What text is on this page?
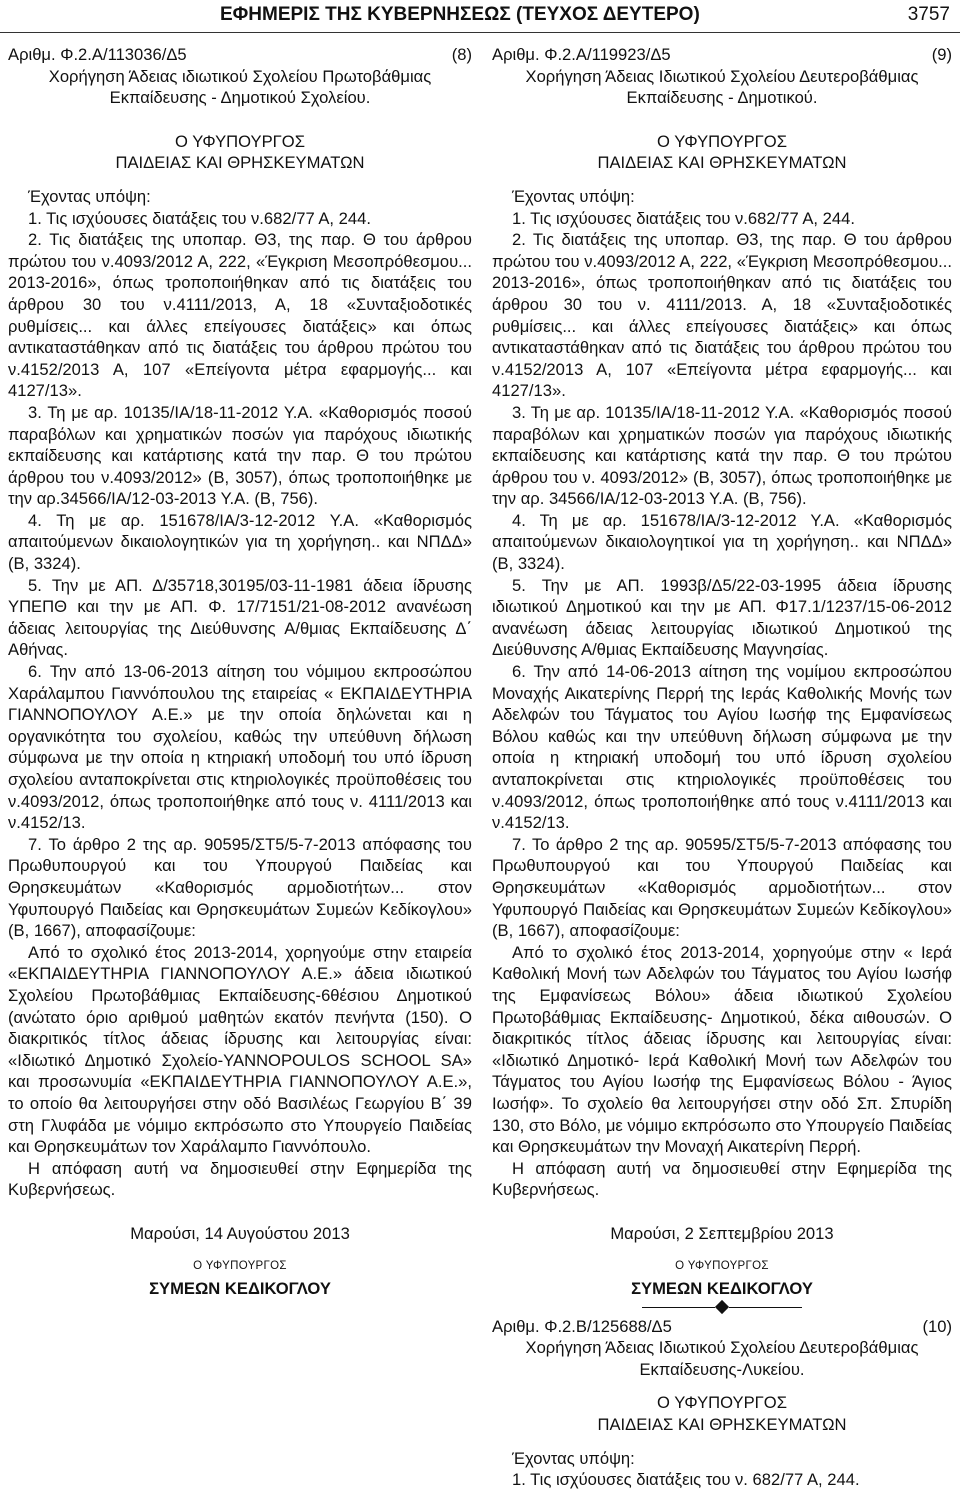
ΕΦΗΜΕΡΙΣ ΤΗΣ ΚΥΒΕΡΝΗΣΕΩΣ (ΤΕΥΧΟΣ ΔΕΥΤΕΡΟ)	3757
Αριθμ. Φ.2.Α/113036/Δ5	(8)
Χορήγηση Άδειας ιδιωτικού Σχολείου Πρωτοβάθμιας Εκπαίδευσης - Δημοτικού Σχολείου.
Ο ΥΦΥΠΟΥΡΓΟΣ
ΠΑΙΔΕΙΑΣ ΚΑΙ ΘΡΗΣΚΕΥΜΑΤΩΝ
Έχοντας υπόψη:
1. Τις ισχύουσες διατάξεις του ν.682/77 Α, 244.
2. Τις διατάξεις της υποπαρ. Θ3, της παρ. Θ του άρθρου πρώτου του ν.4093/2012 Α, 222, «Έγκριση Μεσοπρόθεσμου... 2013-2016», όπως τροποποιήθηκαν από τις διατάξεις του άρθρου 30 του ν.4111/2013, Α, 18 «Συνταξιοδοτικές ρυθμίσεις... και άλλες επείγουσες διατάξεις» και όπως αντικαταστάθηκαν από τις διατάξεις του άρθρου πρώτου του ν.4152/2013 Α, 107 «Επείγοντα μέτρα εφαρμογής... και 4127/13».
3. Τη με αρ. 10135/ΙΑ/18-11-2012 Υ.Α. «Καθορισμός ποσού παραβόλων και χρηματικών ποσών για παρόχους ιδιωτικής εκπαίδευσης και κατάρτισης κατά την παρ. Θ του πρώτου άρθρου του ν.4093/2012» (Β, 3057), όπως τροποποιήθηκε με την αρ.34566/ΙΑ/12-03-2013 Υ.Α. (Β, 756).
4. Τη με αρ. 151678/ΙΑ/3-12-2012 Υ.Α. «Καθορισμός απαιτούμενων δικαιολογητικών για τη χορήγηση.. και ΝΠΔΔ» (Β, 3324).
5. Την με ΑΠ. Δ/35718,30195/03-11-1981 άδεια ίδρυσης ΥΠΕΠΘ και την με ΑΠ. Φ. 17/7151/21-08-2012 ανανέωση άδειας λειτουργίας της Διεύθυνσης Α/θμιας Εκπαίδευσης Δ΄ Αθήνας.
6. Την από 13-06-2013 αίτηση του νόμιμου εκπροσώπου Χαράλαμπου Γιαννόπουλου της εταιρείας « ΕΚΠΑΙΔΕΥΤΗΡΙΑ ΓΙΑΝΝΟΠΟΥΛΟΥ Α.Ε.» με την οποία δηλώνεται και η οργανικότητα του σχολείου, καθώς την υπεύθυνη δήλωση σύμφωνα με την οποία η κτηριακή υποδομή του υπό ίδρυση σχολείου ανταποκρίνεται στις κτηριολογικές προϋποθέσεις του ν.4093/2012, όπως τροποποιήθηκε από τους ν. 4111/2013 και ν.4152/13.
7. Το άρθρο 2 της αρ. 90595/ΣΤ5/5-7-2013 απόφασης του Πρωθυπουργού και του Υπουργού Παιδείας και Θρησκευμάτων «Καθορισμός αρμοδιοτήτων... στον Υφυπουργό Παιδείας και Θρησκευμάτων Συμεών Κεδίκογλου» (Β, 1667), αποφασίζουμε:
Από το σχολικό έτος 2013-2014, χορηγούμε στην εταιρεία «ΕΚΠΑΙΔΕΥΤΗΡΙΑ ΓΙΑΝΝΟΠΟΥΛΟΥ Α.Ε.» άδεια ιδιωτικού Σχολείου Πρωτοβάθμιας Εκπαίδευσης-6θέσιου Δημοτικού (ανώτατο όριο αριθμού μαθητών εκατόν πενήντα (150). Ο διακριτικός τίτλος άδειας ίδρυσης και λειτουργίας είναι: «Ιδιωτικό Δημοτικό Σχολείο-YANNOPOULOS SCHOOL SA» και προσωνυμία «ΕΚΠΑΙΔΕΥΤΗΡΙΑ ΓΙΑΝΝΟΠΟΥΛΟΥ Α.Ε.», το οποίο θα λειτουργήσει στην οδό Βασιλέως Γεωργίου Β΄ 39 στη Γλυφάδα με νόμιμο εκπρόσωπο στο Υπουργείο Παιδείας και Θρησκευμάτων τον Χαράλαμπο Γιαννόπουλο.
Η απόφαση αυτή να δημοσιευθεί στην Εφημερίδα της Κυβερνήσεως.
Μαρούσι, 14 Αυγούστου 2013
Ο ΥΦΥΠΟΥΡΓΟΣ
ΣΥΜΕΩΝ ΚΕΔΙΚΟΓΛΟΥ
Αριθμ. Φ.2.Α/119923/Δ5	(9)
Χορήγηση Άδειας Ιδιωτικού Σχολείου Δευτεροβάθμιας Εκπαίδευσης - Δημοτικού.
Ο ΥΦΥΠΟΥΡΓΟΣ
ΠΑΙΔΕΙΑΣ ΚΑΙ ΘΡΗΣΚΕΥΜΑΤΩΝ
Έχοντας υπόψη:
1. Τις ισχύουσες διατάξεις του ν.682/77 Α, 244.
2. Τις διατάξεις της υποπαρ. Θ3, της παρ. Θ του άρθρου πρώτου του ν.4093/2012 Α, 222, «Έγκριση Μεσοπρόθεσμου... 2013-2016», όπως τροποποιήθηκαν από τις διατάξεις του άρθρου 30 του ν. 4111/2013. Α, 18 «Συνταξιοδοτικές ρυθμίσεις... και άλλες επείγουσες διατάξεις» και όπως αντικαταστάθηκαν από τις διατάξεις του άρθρου πρώτου του ν.4152/2013 Α, 107 «Επείγοντα μέτρα εφαρμογής... και 4127/13».
3. Τη με αρ. 10135/ΙΑ/18-11-2012 Υ.Α. «Καθορισμός ποσού παραβόλων και χρηματικών ποσών για παρόχους ιδιωτικής εκπαίδευσης και κατάρτισης κατά την παρ. Θ του πρώτου άρθρου του ν. 4093/2012» (Β, 3057), όπως τροποποιήθηκε με την αρ. 34566/ΙΑ/12-03-2013 Υ.Α. (Β, 756).
4. Τη με αρ. 151678/ΙΑ/3-12-2012 Υ.Α. «Καθορισμός απαιτούμενων δικαιολογητικοί για τη χορήγηση.. και ΝΠΔΔ» (Β, 3324).
5. Την με ΑΠ. 1993β/Δ5/22-03-1995 άδεια ίδρυσης ιδιωτικού Δημοτικού και την με ΑΠ. Φ17.1/1237/15-06-2012 ανανέωση άδειας λειτουργίας ιδιωτικού Δημοτικού της Διεύθυνσης Α/θμιας Εκπαίδευσης Μαγνησίας.
6. Την από 14-06-2013 αίτηση της νομίμου εκπροσώπου Μοναχής Αικατερίνης Περρή της Ιεράς Καθολικής Μονής των Αδελφών του Τάγματος του Αγίου Ιωσήφ της Εμφανίσεως Βόλου καθώς και την υπεύθυνη δήλωση σύμφωνα με την οποία η κτηριακή υποδομή του υπό ίδρυση σχολείου ανταποκρίνεται στις κτηριολογικές προϋποθέσεις του ν.4093/2012, όπως τροποποιήθηκε από τους ν.4111/2013 και ν.4152/13.
7. Το άρθρο 2 της αρ. 90595/ΣΤ5/5-7-2013 απόφασης του Πρωθυπουργού και του Υπουργού Παιδείας και Θρησκευμάτων «Καθορισμός αρμοδιοτήτων... στον Υφυπουργό Παιδείας και Θρησκευμάτων Συμεών Κεδίκογλου» (Β, 1667), αποφασίζουμε:
Από το σχολικό έτος 2013-2014, χορηγούμε στην « Ιερά Καθολική Μονή των Αδελφών του Τάγματος του Αγίου Ιωσήφ της Εμφανίσεως Βόλου» άδεια ιδιωτικού Σχολείου Πρωτοβάθμιας Εκπαίδευσης- Δημοτικού, δέκα αιθουσών. Ο διακριτικός τίτλος άδειας ίδρυσης και λειτουργίας είναι: «Ιδιωτικό Δημοτικό- Ιερά Καθολική Μονή των Αδελφών του Τάγματος του Αγίου Ιωσήφ της Εμφανίσεως Βόλου - Άγιος Ιωσήφ». Το σχολείο θα λειτουργήσει στην οδό Σπ. Σπυρίδη 130, στο Βόλο, με νόμιμο εκπρόσωπο στο Υπουργείο Παιδείας και Θρησκευμάτων την Μοναχή Αικατερίνη Περρή.
Η απόφαση αυτή να δημοσιευθεί στην Εφημερίδα της Κυβερνήσεως.
Μαρούσι, 2 Σεπτεμβρίου 2013
Ο ΥΦΥΠΟΥΡΓΟΣ
ΣΥΜΕΩΝ ΚΕΔΙΚΟΓΛΟΥ
Αριθμ. Φ.2.Β/125688/Δ5	(10)
Χορήγηση Άδειας Ιδιωτικού Σχολείου Δευτεροβάθμιας Εκπαίδευσης-Λυκείου.
Ο ΥΦΥΠΟΥΡΓΟΣ
ΠΑΙΔΕΙΑΣ ΚΑΙ ΘΡΗΣΚΕΥΜΑΤΩΝ
Έχοντας υπόψη:
1. Τις ισχύουσες διατάξεις του ν. 682/77 Α, 244.
